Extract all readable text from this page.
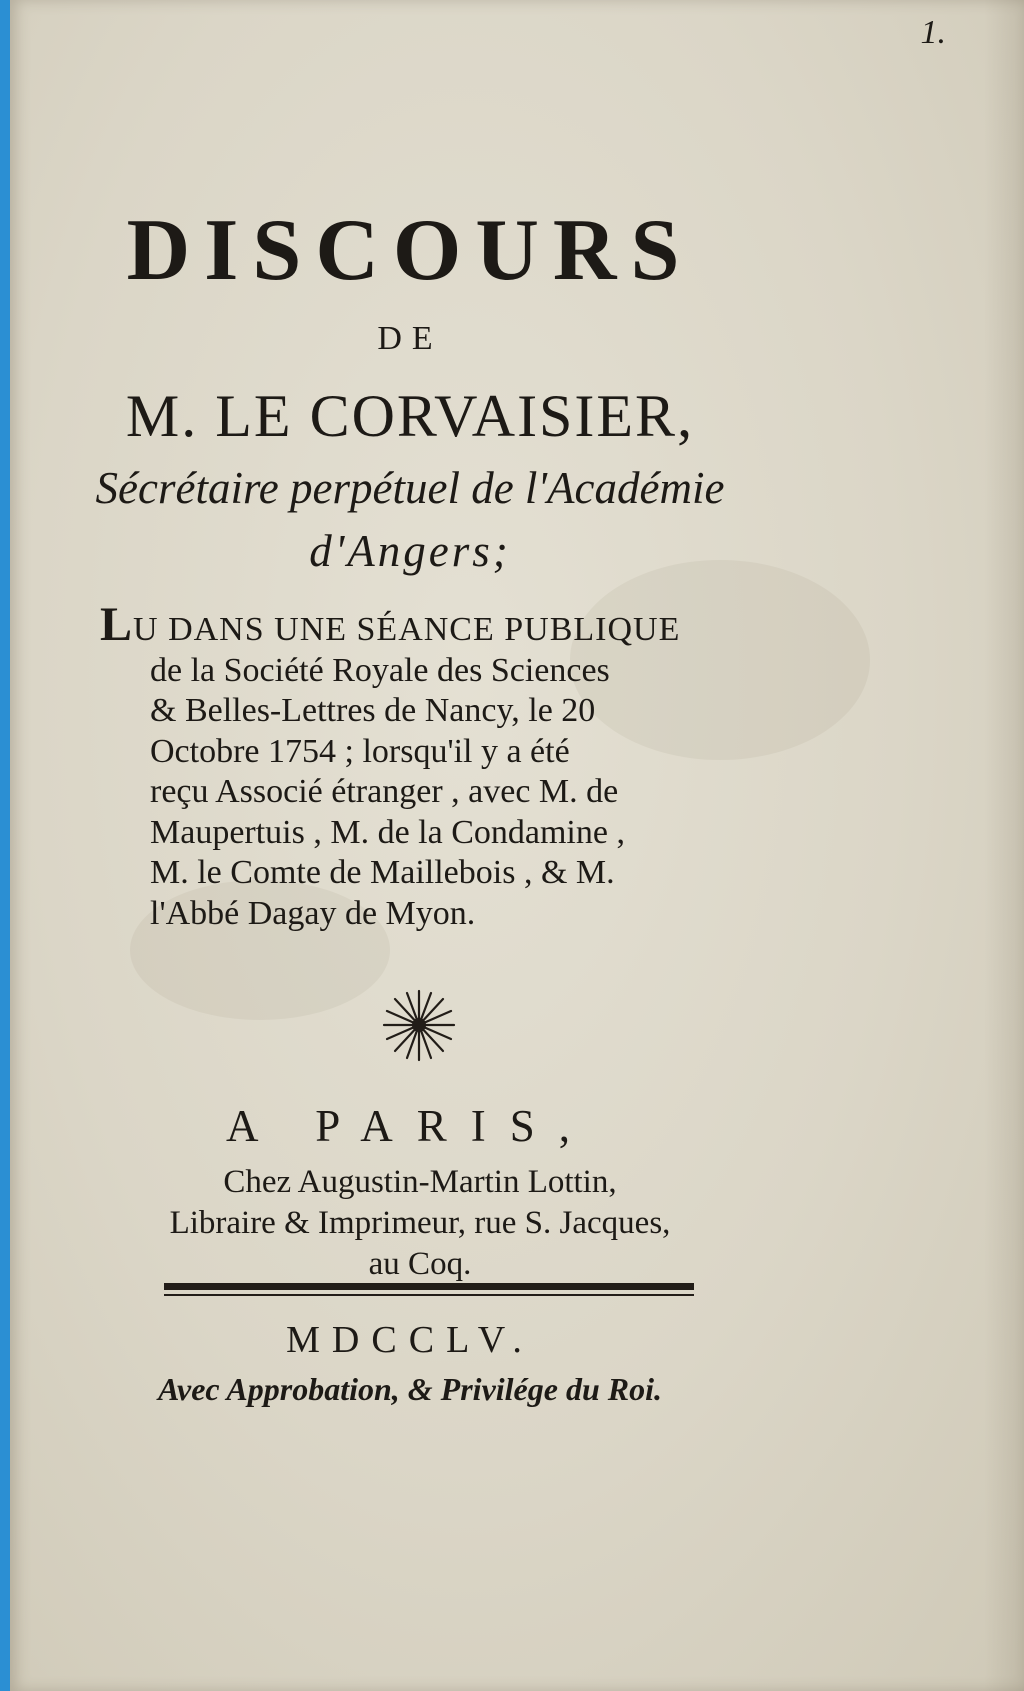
1.
DISCOURS
DE
M. LE CORVAISIER,
Sécrétaire perpétuel de l'Académie
d'Angers;
LU DANS UNE SÉANCE PUBLIQUE
de la Société Royale des Sciences
& Belles-Lettres de Nancy, le 20
Octobre 1754 ; lorsqu'il y a été
reçu Associé étranger , avec M. de
Maupertuis , M. de la Condamine ,
M. le Comte de Maillebois , & M.
l'Abbé Dagay de Myon.
A PARIS,
Chez Augustin-Martin Lottin,
Libraire & Imprimeur, rue S. Jacques,
au Coq.
MDCCLV.
Avec Approbation, & Privilége du Roi.
